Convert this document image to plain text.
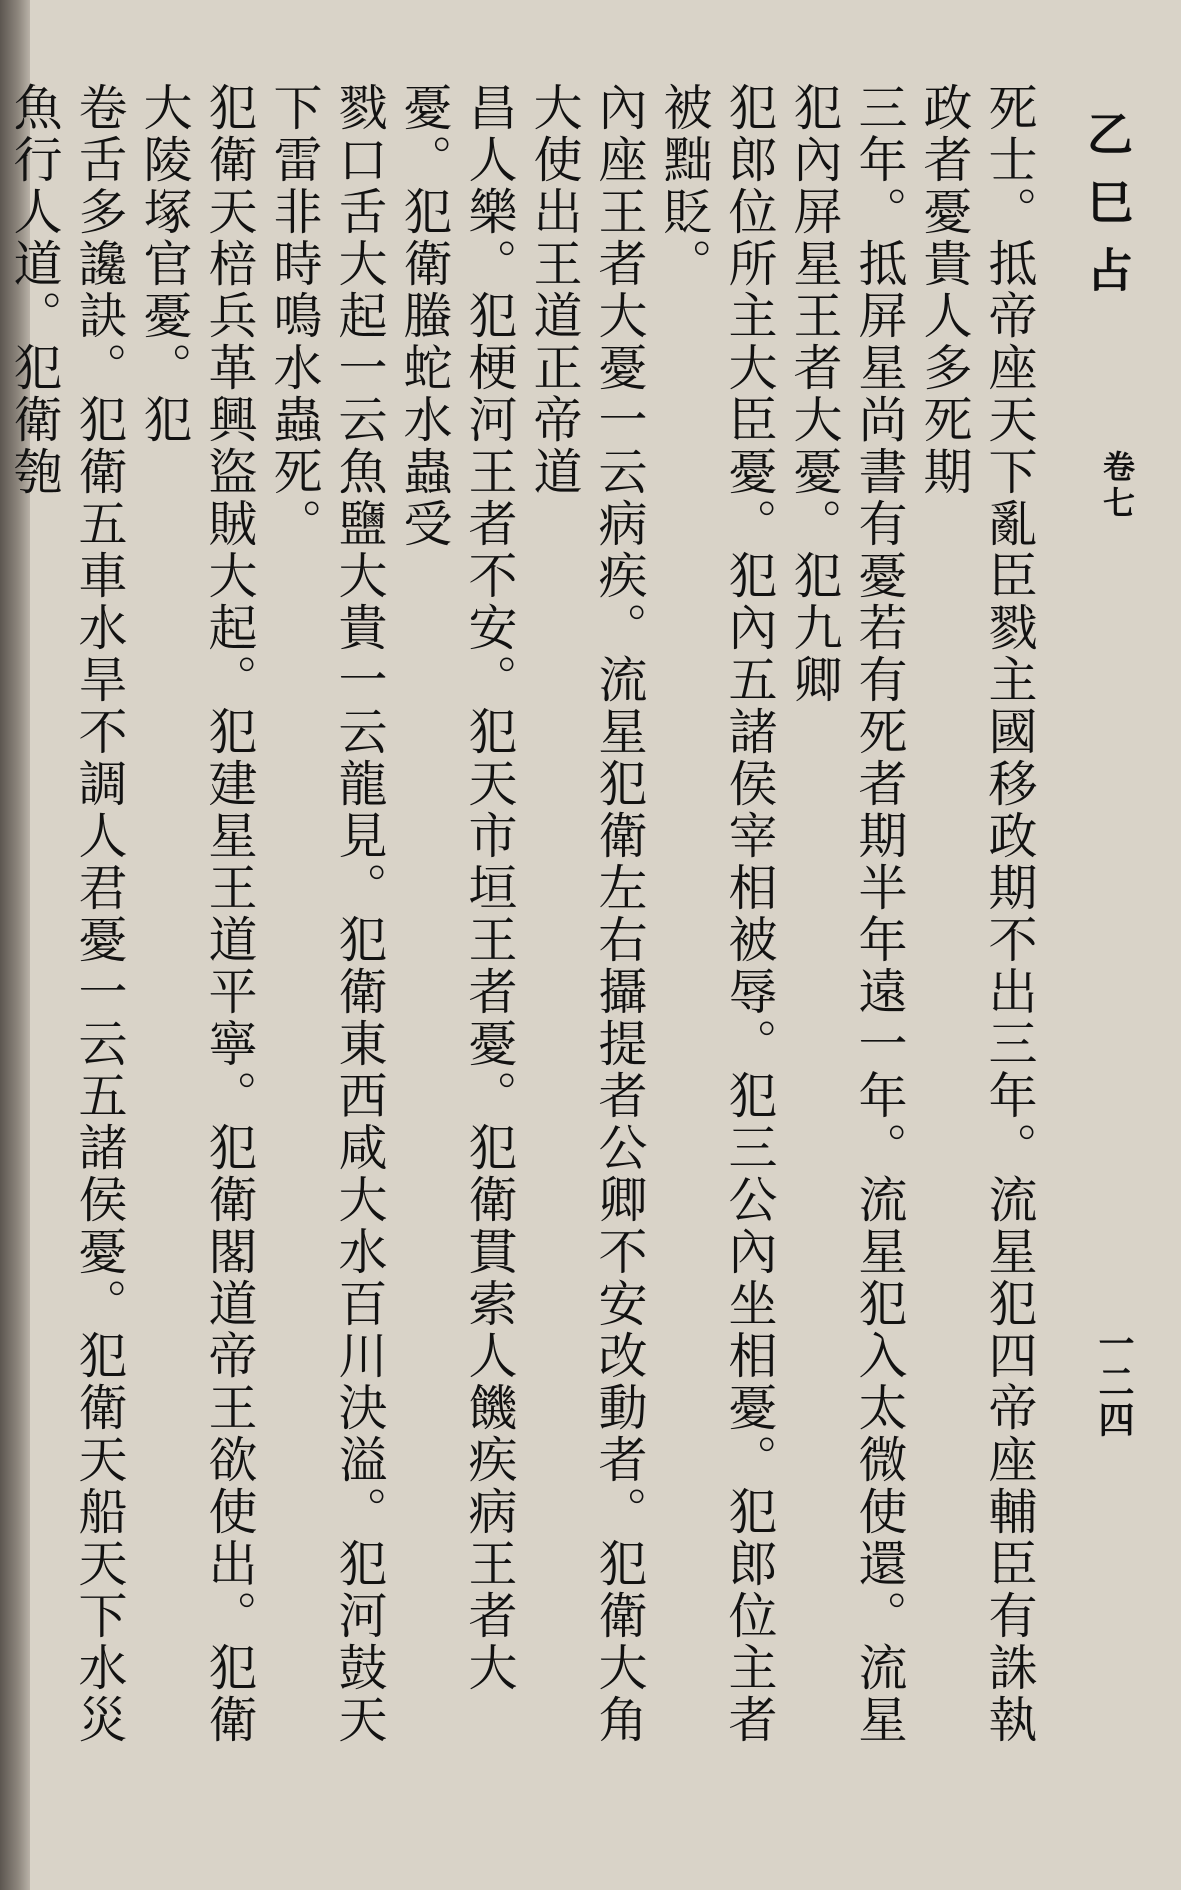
乙巳占
卷七
一二四
死士。抵帝座天下亂臣戮主國移政期不出三年。流星犯四帝座輔臣有誅執政者憂貴人多死期
三年。抵屏星尚書有憂若有死者期半年遠一年。流星犯入太微使還。流星犯內屏星王者大憂。犯九卿
犯郎位所主大臣憂。犯內五諸侯宰相被辱。犯三公內坐相憂。犯郎位主者被黜貶。
內座王者大憂一云病疾。流星犯衛左右攝提者公卿不安改動者。犯衛大角大使出王道正帝道
昌人樂。犯梗河王者不安。犯天市垣王者憂。犯衛貫索人饑疾病王者大憂。犯衛螣蛇水蟲受
戮口舌大起一云魚鹽大貴一云龍見。犯衛東西咸大水百川決溢。犯河鼓天下雷非時鳴水蟲死。
犯衛天棓兵革興盜賊大起。犯建星王道平寧。犯衛閣道帝王欲使出。犯衛大陵塚官憂。犯
卷舌多讒訣。犯衛五車水旱不調人君憂一云五諸侯憂。犯衛天船天下水災魚行人道。犯衛匏
